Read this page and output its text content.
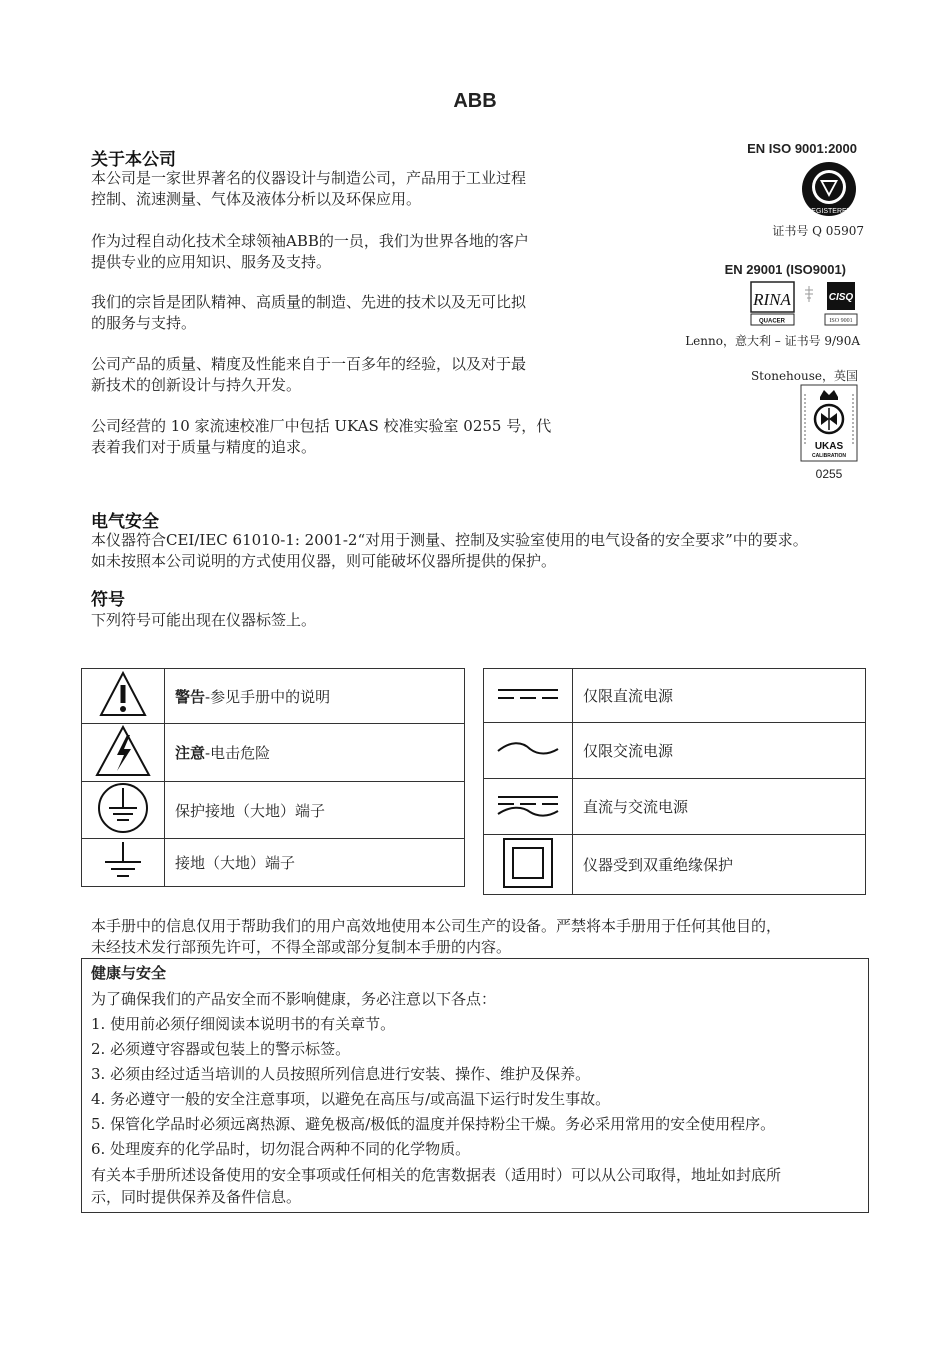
ABB
关于本公司
本公司是一家世界著名的仪器设计与制造公司，产品用于工业过程
控制、流速测量、气体及液体分析以及环保应用。
作为过程自动化技术全球领袖ABB的一员，我们为世界各地的客户
提供专业的应用知识、服务及支持。
我们的宗旨是团队精神、高质量的制造、先进的技术以及无可比拟
的服务与支持。
公司产品的质量、精度及性能来自于一百多年的经验，以及对于最
新技术的创新设计与持久开发。
公司经营的 10 家流速校准厂中包括 UKAS 校准实验室 0255 号，代
表着我们对于质量与精度的追求。
EN ISO 9001:2000
REGISTERED
证书号 Q 05907
EN 29001 (ISO9001)
RINA
QUACER
CISQ
ISO 9001
Lenno，意大利 – 证书号 9/90A
Stonehouse，英国
UKAS
CALIBRATION
0255
电气安全
本仪器符合CEI/IEC 61010-1: 2001-2“对用于测量、控制及实验室使用的电气设备的安全要求”中的要求。
如未按照本公司说明的方式使用仪器，则可能破坏仪器所提供的保护。
符号
下列符号可能出现在仪器标签上。
	警告-参见手册中的说明
	注意-电击危险
	保护接地（大地）端子
	接地（大地）端子
	仅限直流电源
	仅限交流电源
	直流与交流电源
	仪器受到双重绝缘保护
本手册中的信息仅用于帮助我们的用户高效地使用本公司生产的设备。严禁将本手册用于任何其他目的，
未经技术发行部预先许可，不得全部或部分复制本手册的内容。
健康与安全
为了确保我们的产品安全而不影响健康，务必注意以下各点：
1. 使用前必须仔细阅读本说明书的有关章节。
2. 必须遵守容器或包装上的警示标签。
3. 必须由经过适当培训的人员按照所列信息进行安装、操作、维护及保养。
4. 务必遵守一般的安全注意事项，以避免在高压与/或高温下运行时发生事故。
5. 保管化学品时必须远离热源、避免极高/极低的温度并保持粉尘干燥。务必采用常用的安全使用程序。
6. 处理废弃的化学品时，切勿混合两种不同的化学物质。
有关本手册所述设备使用的安全事项或任何相关的危害数据表（适用时）可以从公司取得，地址如封底所
示，同时提供保养及备件信息。
